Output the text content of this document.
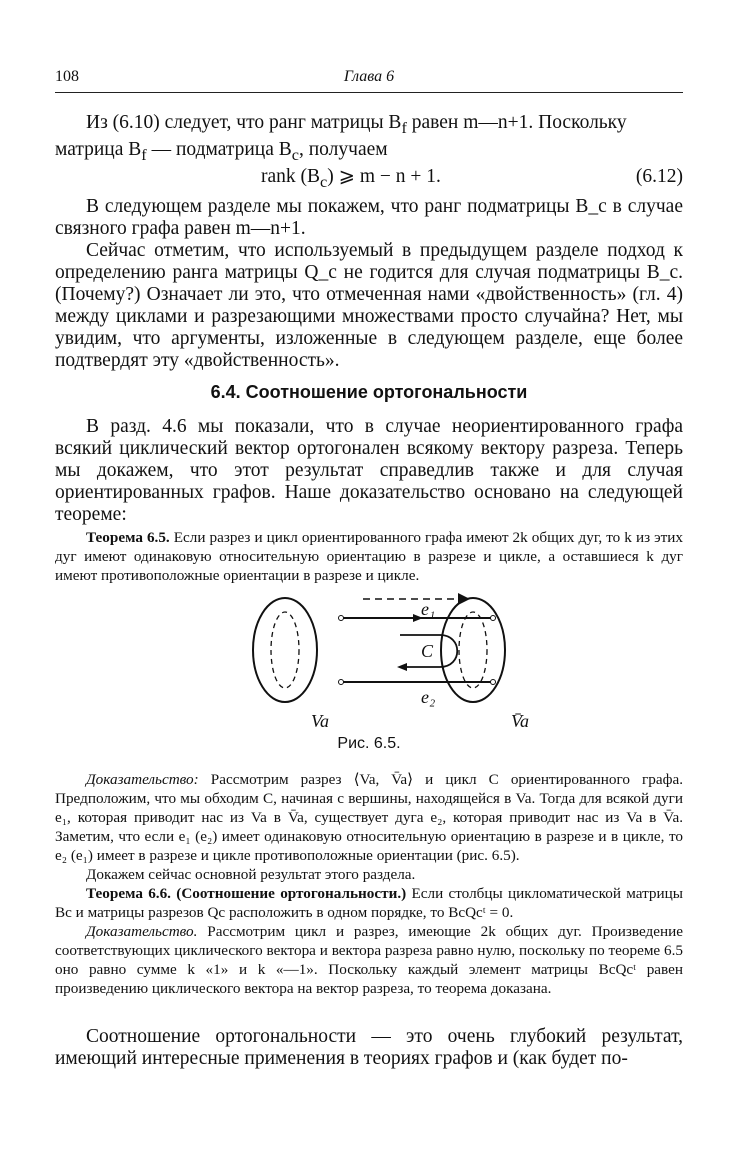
108	Глава 6

Из (6.10) следует, что ранг матрицы $B_f$ равен m—n+1. Поскольку

матрица $B_f$ — подматрица $B_c$, получаем

rank $(B_c)$ ⩾ m − n + 1.	(6.12)

В следующем разделе мы покажем, что ранг подматрицы B_c в случае связного графа равен m—n+1.

Сейчас отметим, что используемый в предыдущем разделе подход к определению ранга матрицы Q_c не годится для случая подматрицы B_c. (Почему?) Означает ли это, что отмеченная нами «двойственность» (гл. 4) между циклами и разрезающими множествами просто случайна? Нет, мы увидим, что аргументы, изложенные в следующем разделе, еще более подтвердят эту «двойственность».

6.4. Соотношение ортогональности

В разд. 4.6 мы показали, что в случае неориентированного графа всякий циклический вектор ортогонален всякому вектору разреза. Теперь мы докажем, что этот результат справедлив также и для случая ориентированных графов. Наше доказательство основано на следующей теореме:

Теорема 6.5. Если разрез и цикл ориентированного графа имеют 2k общих дуг, то k из этих дуг имеют одинаковую относительную ориентацию в разрезе и цикле, а оставшиеся k дуг имеют противоположные ориентации в разрезе и цикле.

e₁
C
e₂
Va	V̄a
Рис. 6.5.

Доказательство: Рассмотрим разрез ⟨Va, V̄a⟩ и цикл C ориентированного графа. Предположим, что мы обходим C, начиная с вершины, находящейся в Va. Тогда для всякой дуги e₁, которая приводит нас из Va в V̄a, существует дуга e₂, которая приводит нас из Va в V̄a. Заметим, что если e₁ (e₂) имеет одинаковую относительную ориентацию в разрезе и в цикле, то e₂ (e₁) имеет в разрезе и цикле противоположные ориентации (рис. 6.5).

Докажем сейчас основной результат этого раздела.

Теорема 6.6. (Соотношение ортогональности.) Если столбцы цикломатической матрицы Bc и матрицы разрезов Qc расположить в одном порядке, то BcQcᵗ = 0.

Доказательство. Рассмотрим цикл и разрез, имеющие 2k общих дуг. Произведение соответствующих циклического вектора и вектора разреза равно нулю, поскольку по теореме 6.5 оно равно сумме k «1» и k «—1». Поскольку каждый элемент матрицы BcQcᵗ равен произведению циклического вектора на вектор разреза, то теорема доказана.

Соотношение ортогональности — это очень глубокий результат, имеющий интересные применения в теориях графов и (как будет по-
